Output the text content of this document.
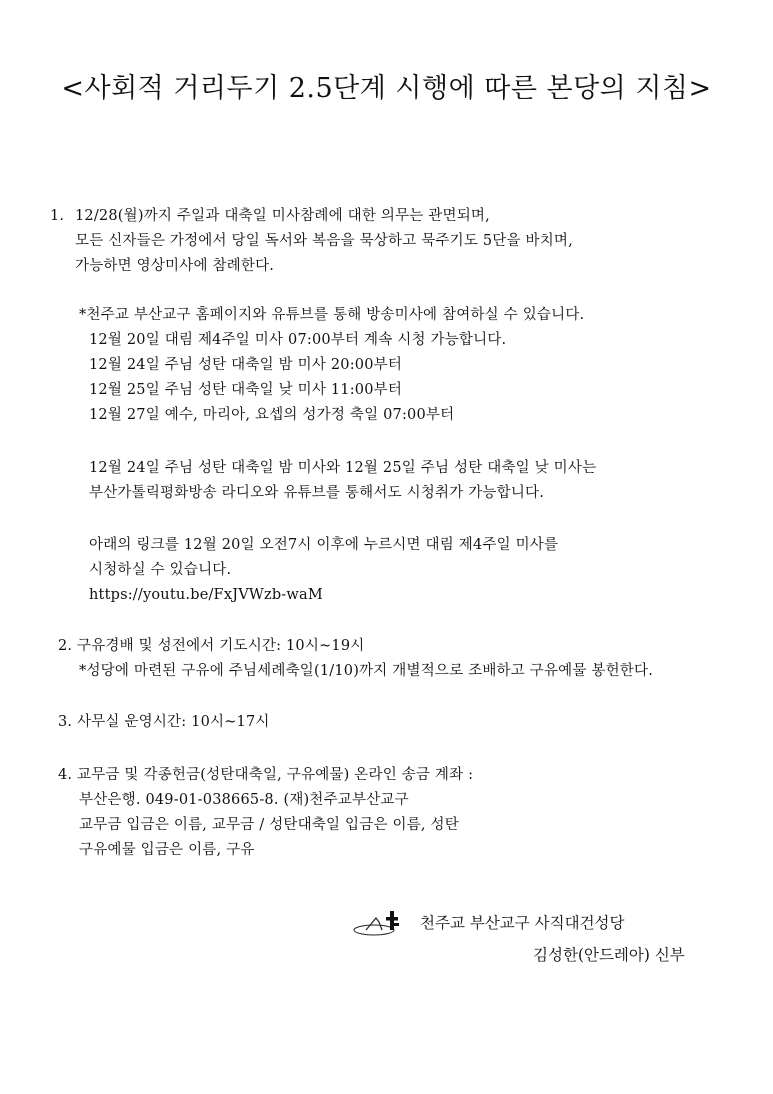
<사회적 거리두기 2.5단계 시행에 따른 본당의 지침>
1. 12/28(월)까지 주일과 대축일 미사참례에 대한 의무는 관면되며,
모든 신자들은 가정에서 당일 독서와 복음을 묵상하고 묵주기도 5단을 바치며,
가능하면 영상미사에 참례한다.
*천주교 부산교구 홈페이지와 유튜브를 통해 방송미사에 참여하실 수 있습니다.
12월 20일 대림 제4주일 미사 07:00부터 계속 시청 가능합니다.
12월 24일 주님 성탄 대축일 밤 미사 20:00부터
12월 25일 주님 성탄 대축일 낮 미사 11:00부터
12월 27일 예수, 마리아, 요셉의 성가정 축일 07:00부터
12월 24일 주님 성탄 대축일 밤 미사와 12월 25일 주님 성탄 대축일 낮 미사는
부산가톨릭평화방송 라디오와 유튜브를 통해서도 시청취가 가능합니다.
아래의 링크를 12월 20일 오전7시 이후에 누르시면 대림 제4주일 미사를
시청하실 수 있습니다.
https://youtu.be/FxJVWzb-waM
2. 구유경배 및 성전에서 기도시간: 10시~19시
*성당에 마련된 구유에 주님세례축일(1/10)까지 개별적으로 조배하고 구유예물 봉헌한다.
3. 사무실 운영시간: 10시~17시
4. 교무금 및 각종헌금(성탄대축일, 구유예물) 온라인 송금 계좌 :
부산은행. 049-01-038665-8. (재)천주교부산교구
교무금 입금은 이름, 교무금 / 성탄대축일 입금은 이름, 성탄
구유예물 입금은 이름, 구유
천주교 부산교구 사직대건성당
김성한(안드레아) 신부
